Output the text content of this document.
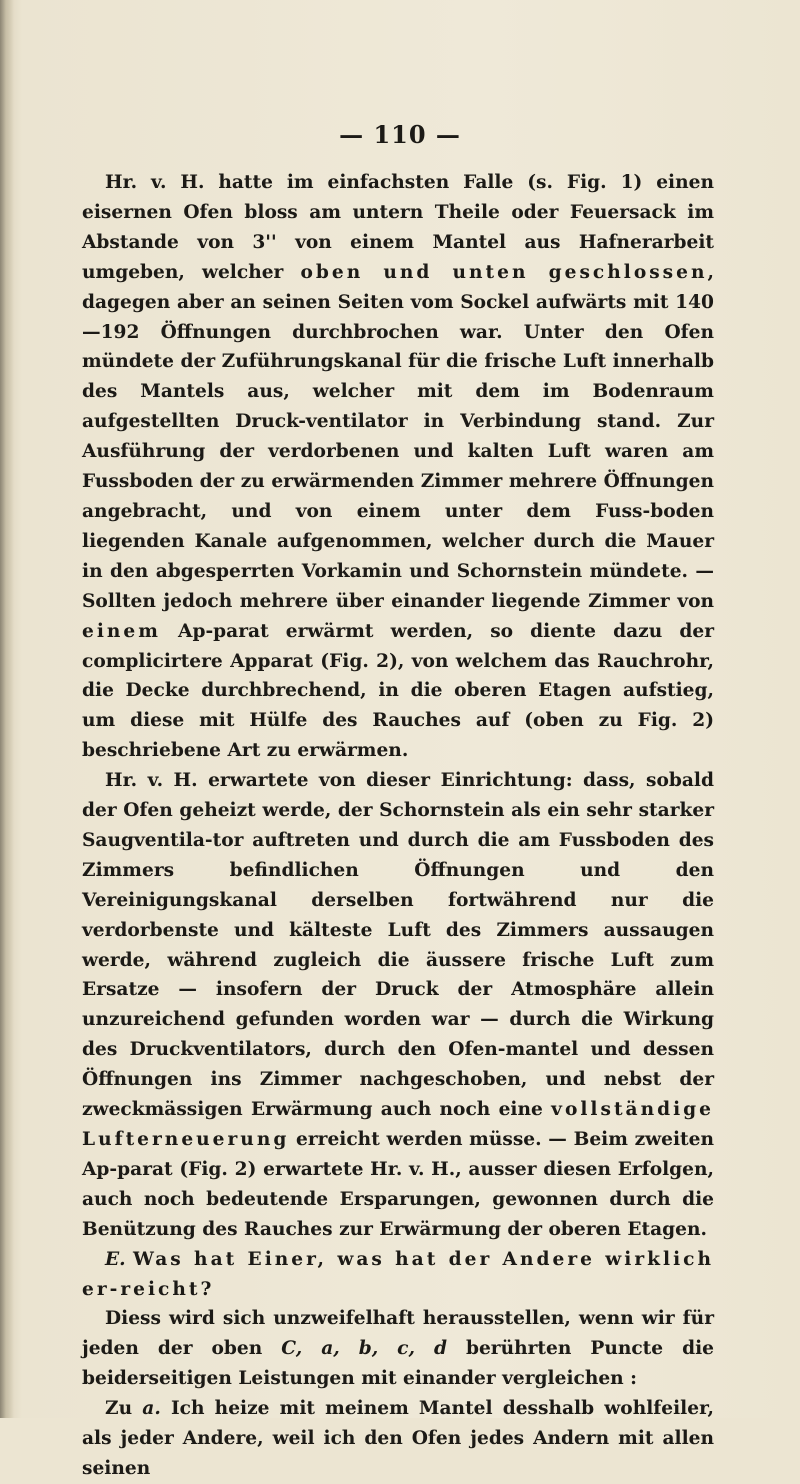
— 110 —

Hr. v. H. hatte im einfachsten Falle (s. Fig. 1) einen eisernen Ofen bloss am untern Theile oder Feuersack im Abstande von 3'' von einem Mantel aus Hafnerarbeit umgeben, welcher oben und unten geschlossen, dagegen aber an seinen Seiten vom Sockel aufwärts mit 140—192 Öffnungen durchbrochen war. Unter den Ofen mündete der Zuführungskanal für die frische Luft innerhalb des Mantels aus, welcher mit dem im Bodenraum aufgestellten Druck-ventilator in Verbindung stand. Zur Ausführung der verdorbenen und kalten Luft waren am Fussboden der zu erwärmenden Zimmer mehrere Öffnungen angebracht, und von einem unter dem Fuss-boden liegenden Kanale aufgenommen, welcher durch die Mauer in den abgesperrten Vorkamin und Schornstein mündete. — Sollten jedoch mehrere über einander liegende Zimmer von einem Ap-parat erwärmt werden, so diente dazu der complicirtere Apparat (Fig. 2), von welchem das Rauchrohr, die Decke durchbrechend, in die oberen Etagen aufstieg, um diese mit Hülfe des Rauches auf (oben zu Fig. 2) beschriebene Art zu erwärmen.

Hr. v. H. erwartete von dieser Einrichtung: dass, sobald der Ofen geheizt werde, der Schornstein als ein sehr starker Saugventila-tor auftreten und durch die am Fussboden des Zimmers befindlichen Öffnungen und den Vereinigungskanal derselben fortwährend nur die verdorbenste und kälteste Luft des Zimmers aussaugen werde, während zugleich die äussere frische Luft zum Ersatze — insofern der Druck der Atmosphäre allein unzureichend gefunden worden war — durch die Wirkung des Druckventilators, durch den Ofen-mantel und dessen Öffnungen ins Zimmer nachgeschoben, und nebst der zweckmässigen Erwärmung auch noch eine vollständige Lufterneuerung erreicht werden müsse. — Beim zweiten Ap-parat (Fig. 2) erwartete Hr. v. H., ausser diesen Erfolgen, auch noch bedeutende Ersparungen, gewonnen durch die Benützung des Rauches zur Erwärmung der oberen Etagen.

E. Was hat Einer, was hat der Andere wirklich er-reicht?

Diess wird sich unzweifelhaft herausstellen, wenn wir für jeden der oben C, a, b, c, d berührten Puncte die beiderseitigen Leistungen mit einander vergleichen :

Zu a. Ich heize mit meinem Mantel desshalb wohlfeiler, als jeder Andere, weil ich den Ofen jedes Andern mit allen seinen
